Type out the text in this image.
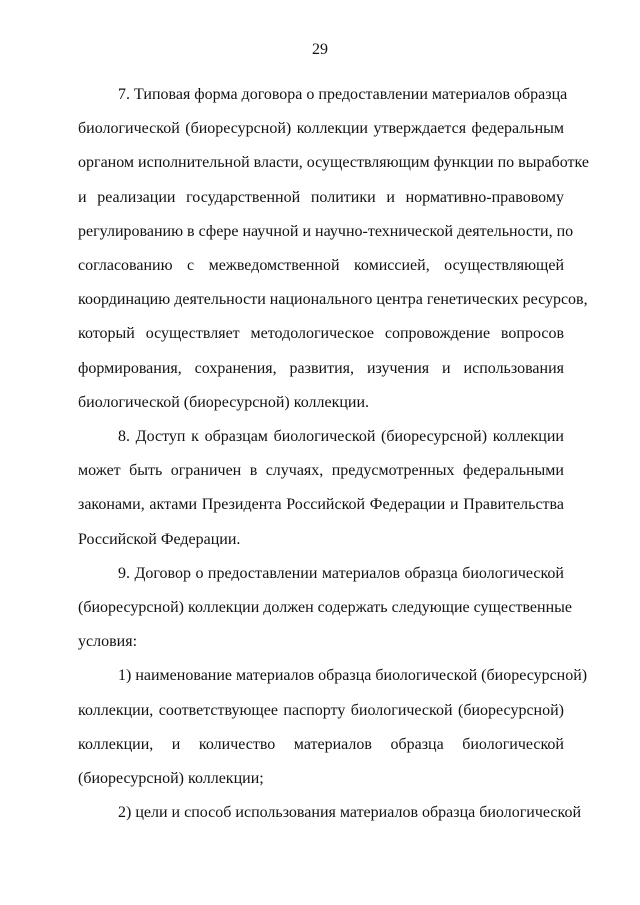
29

7. Типовая форма договора о предоставлении материалов образца
биологической (биоресурсной) коллекции утверждается федеральным
органом исполнительной власти, осуществляющим функции по выработке
и реализации государственной политики и нормативно-правовому
регулированию в сфере научной и научно-технической деятельности, по
согласованию с межведомственной комиссией, осуществляющей
координацию деятельности национального центра генетических ресурсов,
который осуществляет методологическое сопровождение вопросов
формирования, сохранения, развития, изучения и использования
биологической (биоресурсной) коллекции.

8. Доступ к образцам биологической (биоресурсной) коллекции
может быть ограничен в случаях, предусмотренных федеральными
законами, актами Президента Российской Федерации и Правительства
Российской Федерации.

9. Договор о предоставлении материалов образца биологической
(биоресурсной) коллекции должен содержать следующие существенные
условия:

1) наименование материалов образца биологической (биоресурсной)
коллекции, соответствующее паспорту биологической (биоресурсной)
коллекции, и количество материалов образца биологической
(биоресурсной) коллекции;

2) цели и способ использования материалов образца биологической
